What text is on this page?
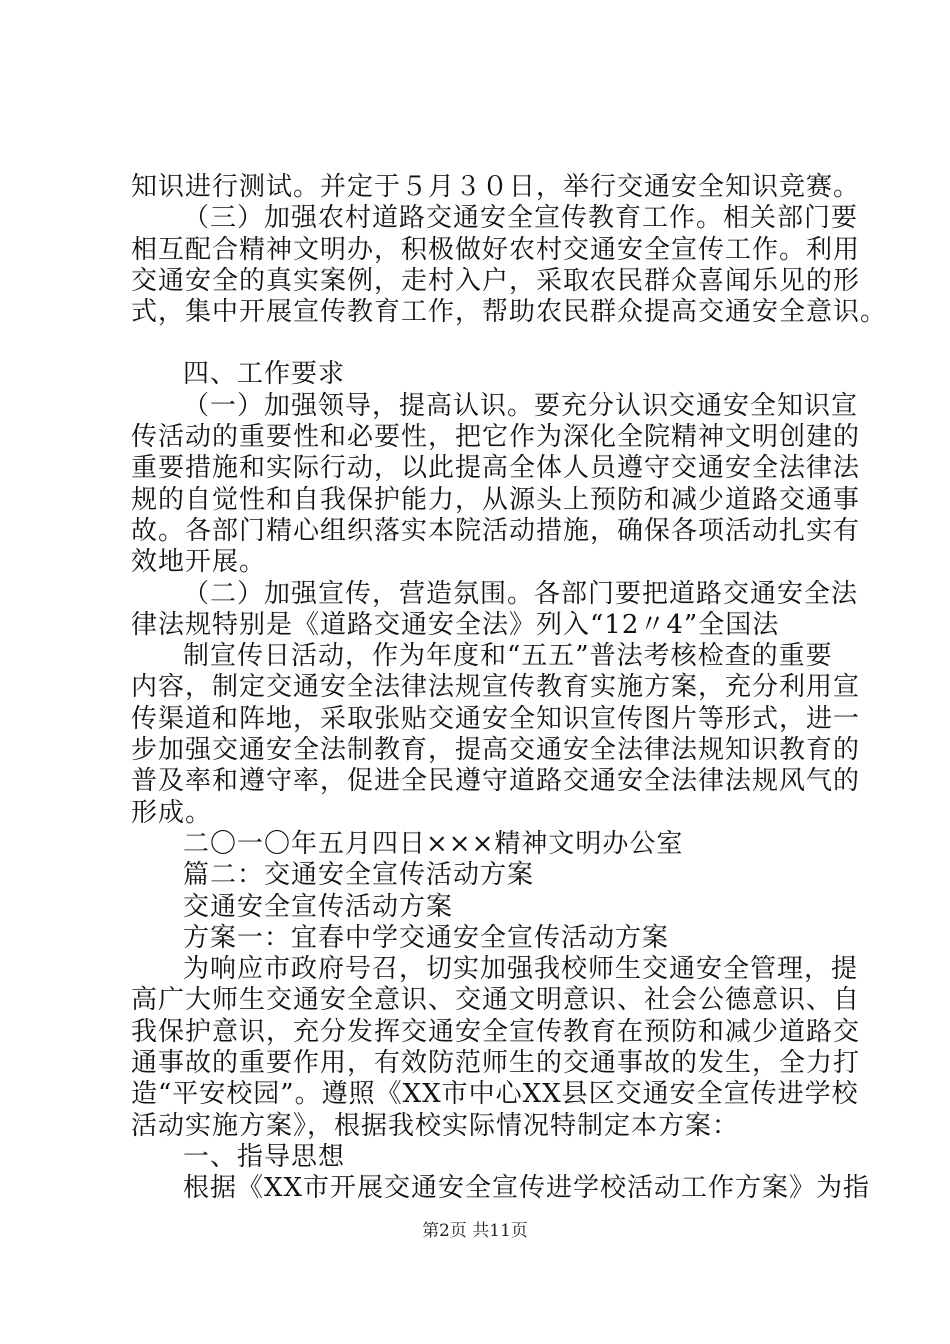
知识进行测试。并定于５月３０日，举行交通安全知识竞赛。
（三）加强农村道路交通安全宣传教育工作。相关部门要
相互配合精神文明办，积极做好农村交通安全宣传工作。利用
交通安全的真实案例，走村入户，采取农民群众喜闻乐见的形
式，集中开展宣传教育工作，帮助农民群众提高交通安全意识。
四、工作要求
（一）加强领导，提高认识。要充分认识交通安全知识宣
传活动的重要性和必要性，把它作为深化全院精神文明创建的
重要措施和实际行动，以此提高全体人员遵守交通安全法律法
规的自觉性和自我保护能力，从源头上预防和减少道路交通事
故。各部门精心组织落实本院活动措施，确保各项活动扎实有
效地开展。
（二）加强宣传，营造氛围。各部门要把道路交通安全法
律法规特别是《道路交通安全法》列入“12〃4”全国法
制宣传日活动，作为年度和“五五”普法考核检查的重要
内容，制定交通安全法律法规宣传教育实施方案，充分利用宣
传渠道和阵地，采取张贴交通安全知识宣传图片等形式，进一
步加强交通安全法制教育，提高交通安全法律法规知识教育的
普及率和遵守率，促进全民遵守道路交通安全法律法规风气的
形成。
二〇一〇年五月四日×××精神文明办公室
篇二：交通安全宣传活动方案
交通安全宣传活动方案
方案一：宜春中学交通安全宣传活动方案
为响应市政府号召，切实加强我校师生交通安全管理，提
高广大师生交通安全意识、交通文明意识、社会公德意识、自
我保护意识，充分发挥交通安全宣传教育在预防和减少道路交
通事故的重要作用，有效防范师生的交通事故的发生，全力打
造“平安校园”。遵照《XX市中心XX县区交通安全宣传进学校
活动实施方案》，根据我校实际情况特制定本方案：
一、指导思想
根据《XX市开展交通安全宣传进学校活动工作方案》为指
第2页 共11页
